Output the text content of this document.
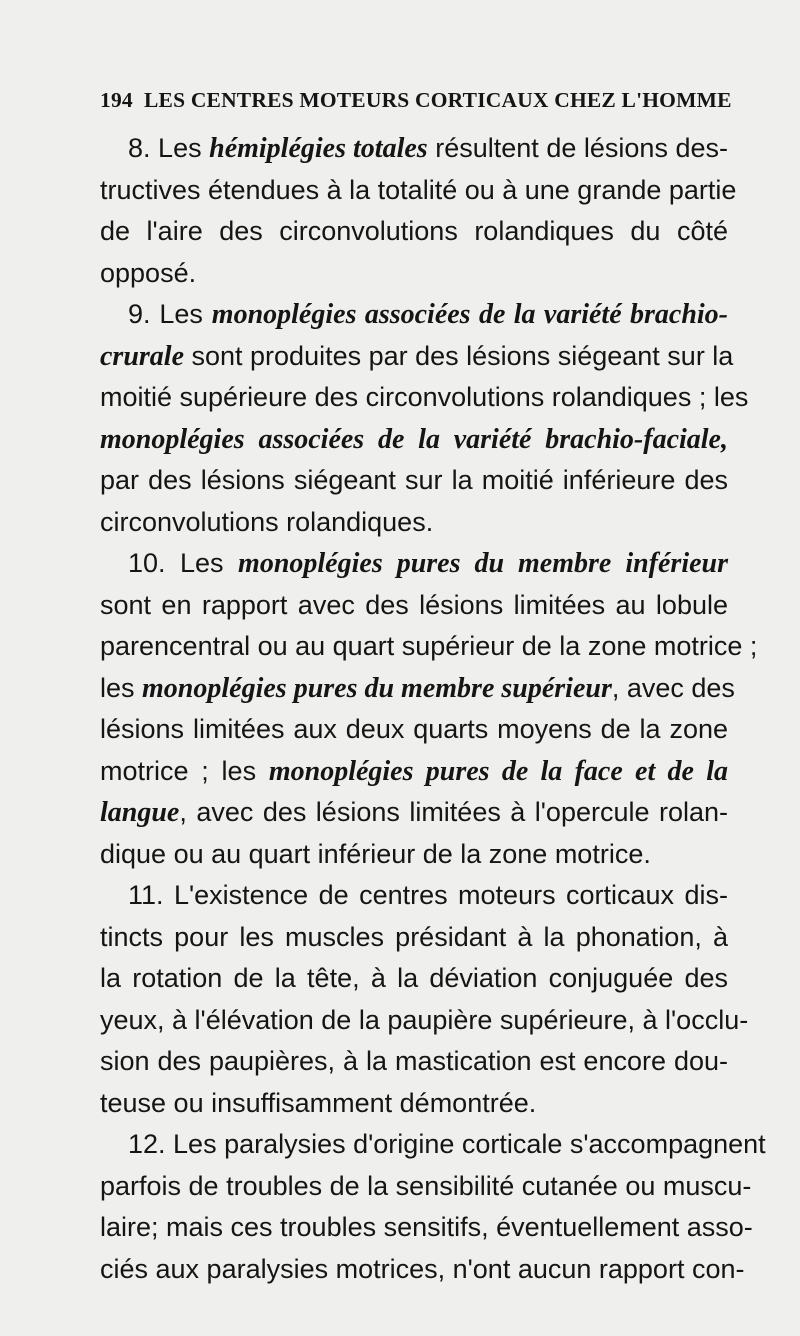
194 LES CENTRES MOTEURS CORTICAUX CHEZ L'HOMME
8. Les hémiplégies totales résultent de lésions des-
tructives étendues à la totalité ou à une grande partie
de l'aire des circonvolutions rolandiques du côté
opposé.
9. Les monoplégies associées de la variété brachio-
crurale sont produites par des lésions siégeant sur la
moitié supérieure des circonvolutions rolandiques ; les
monoplégies associées de la variété brachio-faciale,
par des lésions siégeant sur la moitié inférieure des
circonvolutions rolandiques.
10. Les monoplégies pures du membre inférieur
sont en rapport avec des lésions limitées au lobule
parencentral ou au quart supérieur de la zone motrice ;
les monoplégies pures du membre supérieur, avec des
lésions limitées aux deux quarts moyens de la zone
motrice ; les monoplégies pures de la face et de la
langue, avec des lésions limitées à l'opercule rolan-
dique ou au quart inférieur de la zone motrice.
11. L'existence de centres moteurs corticaux dis-
tincts pour les muscles présidant à la phonation, à
la rotation de la tête, à la déviation conjuguée des
yeux, à l'élévation de la paupière supérieure, à l'occlu-
sion des paupières, à la mastication est encore dou-
teuse ou insuffisamment démontrée.
12. Les paralysies d'origine corticale s'accompagnent
parfois de troubles de la sensibilité cutanée ou muscu-
laire; mais ces troubles sensitifs, éventuellement asso-
ciés aux paralysies motrices, n'ont aucun rapport con-
